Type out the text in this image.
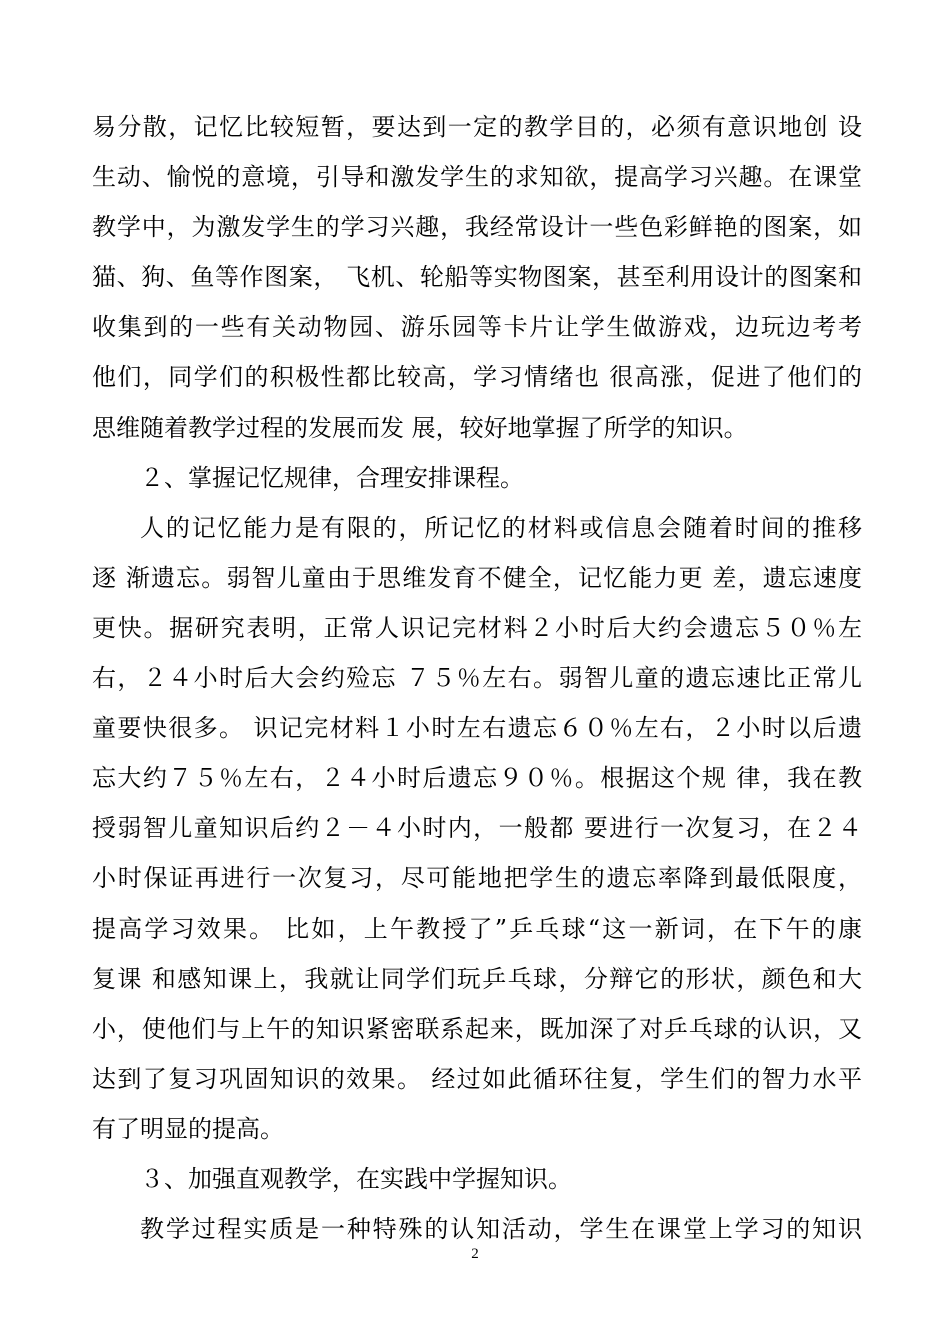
易分散，记忆比较短暂，要达到一定的教学目的，必须有意识地创 设
生动、愉悦的意境，引导和激发学生的求知欲，提高学习兴趣。在课堂
教学中，为激发学生的学习兴趣，我经常设计一些色彩鲜艳的图案，如
猫、狗、鱼等作图案， 飞机、轮船等实物图案，甚至利用设计的图案和
收集到的一些有关动物园、游乐园等卡片让学生做游戏，边玩边考考
他们，同学们的积极性都比较高，学习情绪也 很高涨，促进了他们的
思维随着教学过程的发展而发 展，较好地掌握了所学的知识。
２、掌握记忆规律，合理安排课程。
人的记忆能力是有限的，所记忆的材料或信息会随着时间的推移
逐 渐遗忘。弱智儿童由于思维发育不健全，记忆能力更 差，遗忘速度
更快。据研究表明，正常人识记完材料２小时后大约会遗忘５０％左
右，２４小时后大会约殓忘 ７５％左右。弱智儿童的遗忘速比正常儿
童要快很多。 识记完材料１小时左右遗忘６０％左右，２小时以后遗
忘大约７５％左右，２４小时后遗忘９０％。根据这个规 律，我在教
授弱智儿童知识后约２－４小时内，一般都 要进行一次复习，在２４
小时保证再进行一次复习，尽可能地把学生的遗忘率降到最低限度，
提高学习效果。 比如，上午教授了”乒乓球“这一新词，在下午的康
复课 和感知课上，我就让同学们玩乒乓球，分辩它的形状，颜色和大
小，使他们与上午的知识紧密联系起来，既加深了对乒乓球的认识，又
达到了复习巩固知识的效果。 经过如此循环往复，学生们的智力水平
有了明显的提高。
３、加强直观教学，在实践中学握知识。
教学过程实质是一种特殊的认知活动，学生在课堂上学习的知识
2
